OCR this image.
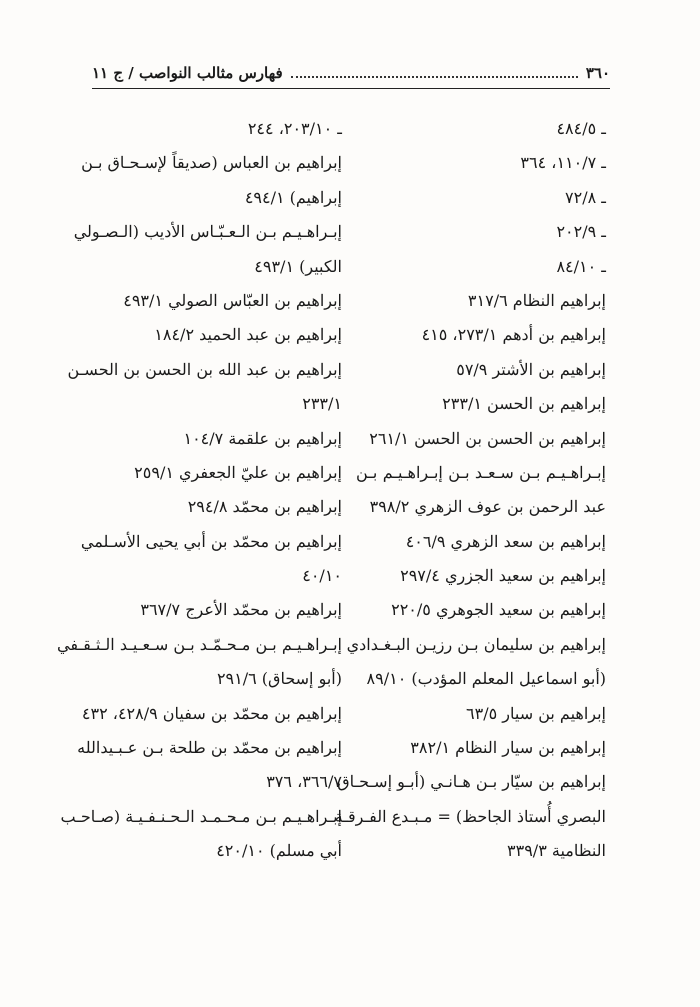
٣٦٠
فهارس مثالب النواصب / ج ١١
ـ ٤٨٤/٥
ـ ١١٠/٧، ٣٦٤
ـ ٧٢/٨
ـ ٢٠٢/٩
ـ ٨٤/١٠
إبراهيم النظام ٣١٧/٦
إبراهيم بن أدهم ٢٧٣/١، ٤١٥
إبراهيم بن الأشتر ٥٧/٩
إبراهيم بن الحسن ٢٣٣/١
إبراهيم بن الحسن بن الحسن ٢٦١/١
إبـراهـيـم بـن سـعـد بـن إبـراهـيـم بـن
عبد الرحمن بن عوف الزهري ٣٩٨/٢
إبراهيم بن سعد الزهري ٤٠٦/٩
إبراهيم بن سعيد الجزري ٢٩٧/٤
إبراهيم بن سعيد الجوهري ٢٢٠/٥
إبراهيم بن سليمان بـن رزيـن البـغـدادي
(أبو اسماعيل المعلم المؤدب) ٨٩/١٠
إبراهيم بن سيار ٦٣/٥
إبراهيم بن سيار النظام ٣٨٢/١
إبراهيم بن سيّار بـن هـانـي (أبـو إسـحـاق
البصري أُستاذ الجاحظ) = مـبـدع الفـرقـة
النظامية ٣٣٩/٣
ـ ٢٠٣/١٠، ٢٤٤
إبراهيم بن العباس (صديقاً لإسـحـاق بـن
إبراهيم) ٤٩٤/١
إبـراهـيـم بـن الـعـبّـاس الأديب (الـصـولي
الكبير) ٤٩٣/١
إبراهيم بن العبّاس الصولي ٤٩٣/١
إبراهيم بن عبد الحميد ١٨٤/٢
إبراهيم بن عبد الله بن الحسن بن الحسـن
٢٣٣/١
إبراهيم بن علقمة ١٠٤/٧
إبراهيم بن عليّ الجعفري ٢٥٩/١
إبراهيم بن محمّد ٢٩٤/٨
إبراهيم بن محمّد بن أبي يحيى الأسـلمي
٤٠/١٠
إبراهيم بن محمّد الأعرج ٣٦٧/٧
إبـراهـيـم بـن مـحـمّـد بـن سـعـيـد الـثـقـفي
(أبو إسحاق) ٢٩١/٦
إبراهيم بن محمّد بن سفيان ٤٢٨/٩، ٤٣٢
إبراهيم بن محمّد بن طلحة بـن عـبـيدالله
٣٦٦/٧، ٣٧٦
إبـراهـيـم بـن مـحـمـد الـحـنـفـيـة (صـاحـب
أبي مسلم) ٤٢٠/١٠
